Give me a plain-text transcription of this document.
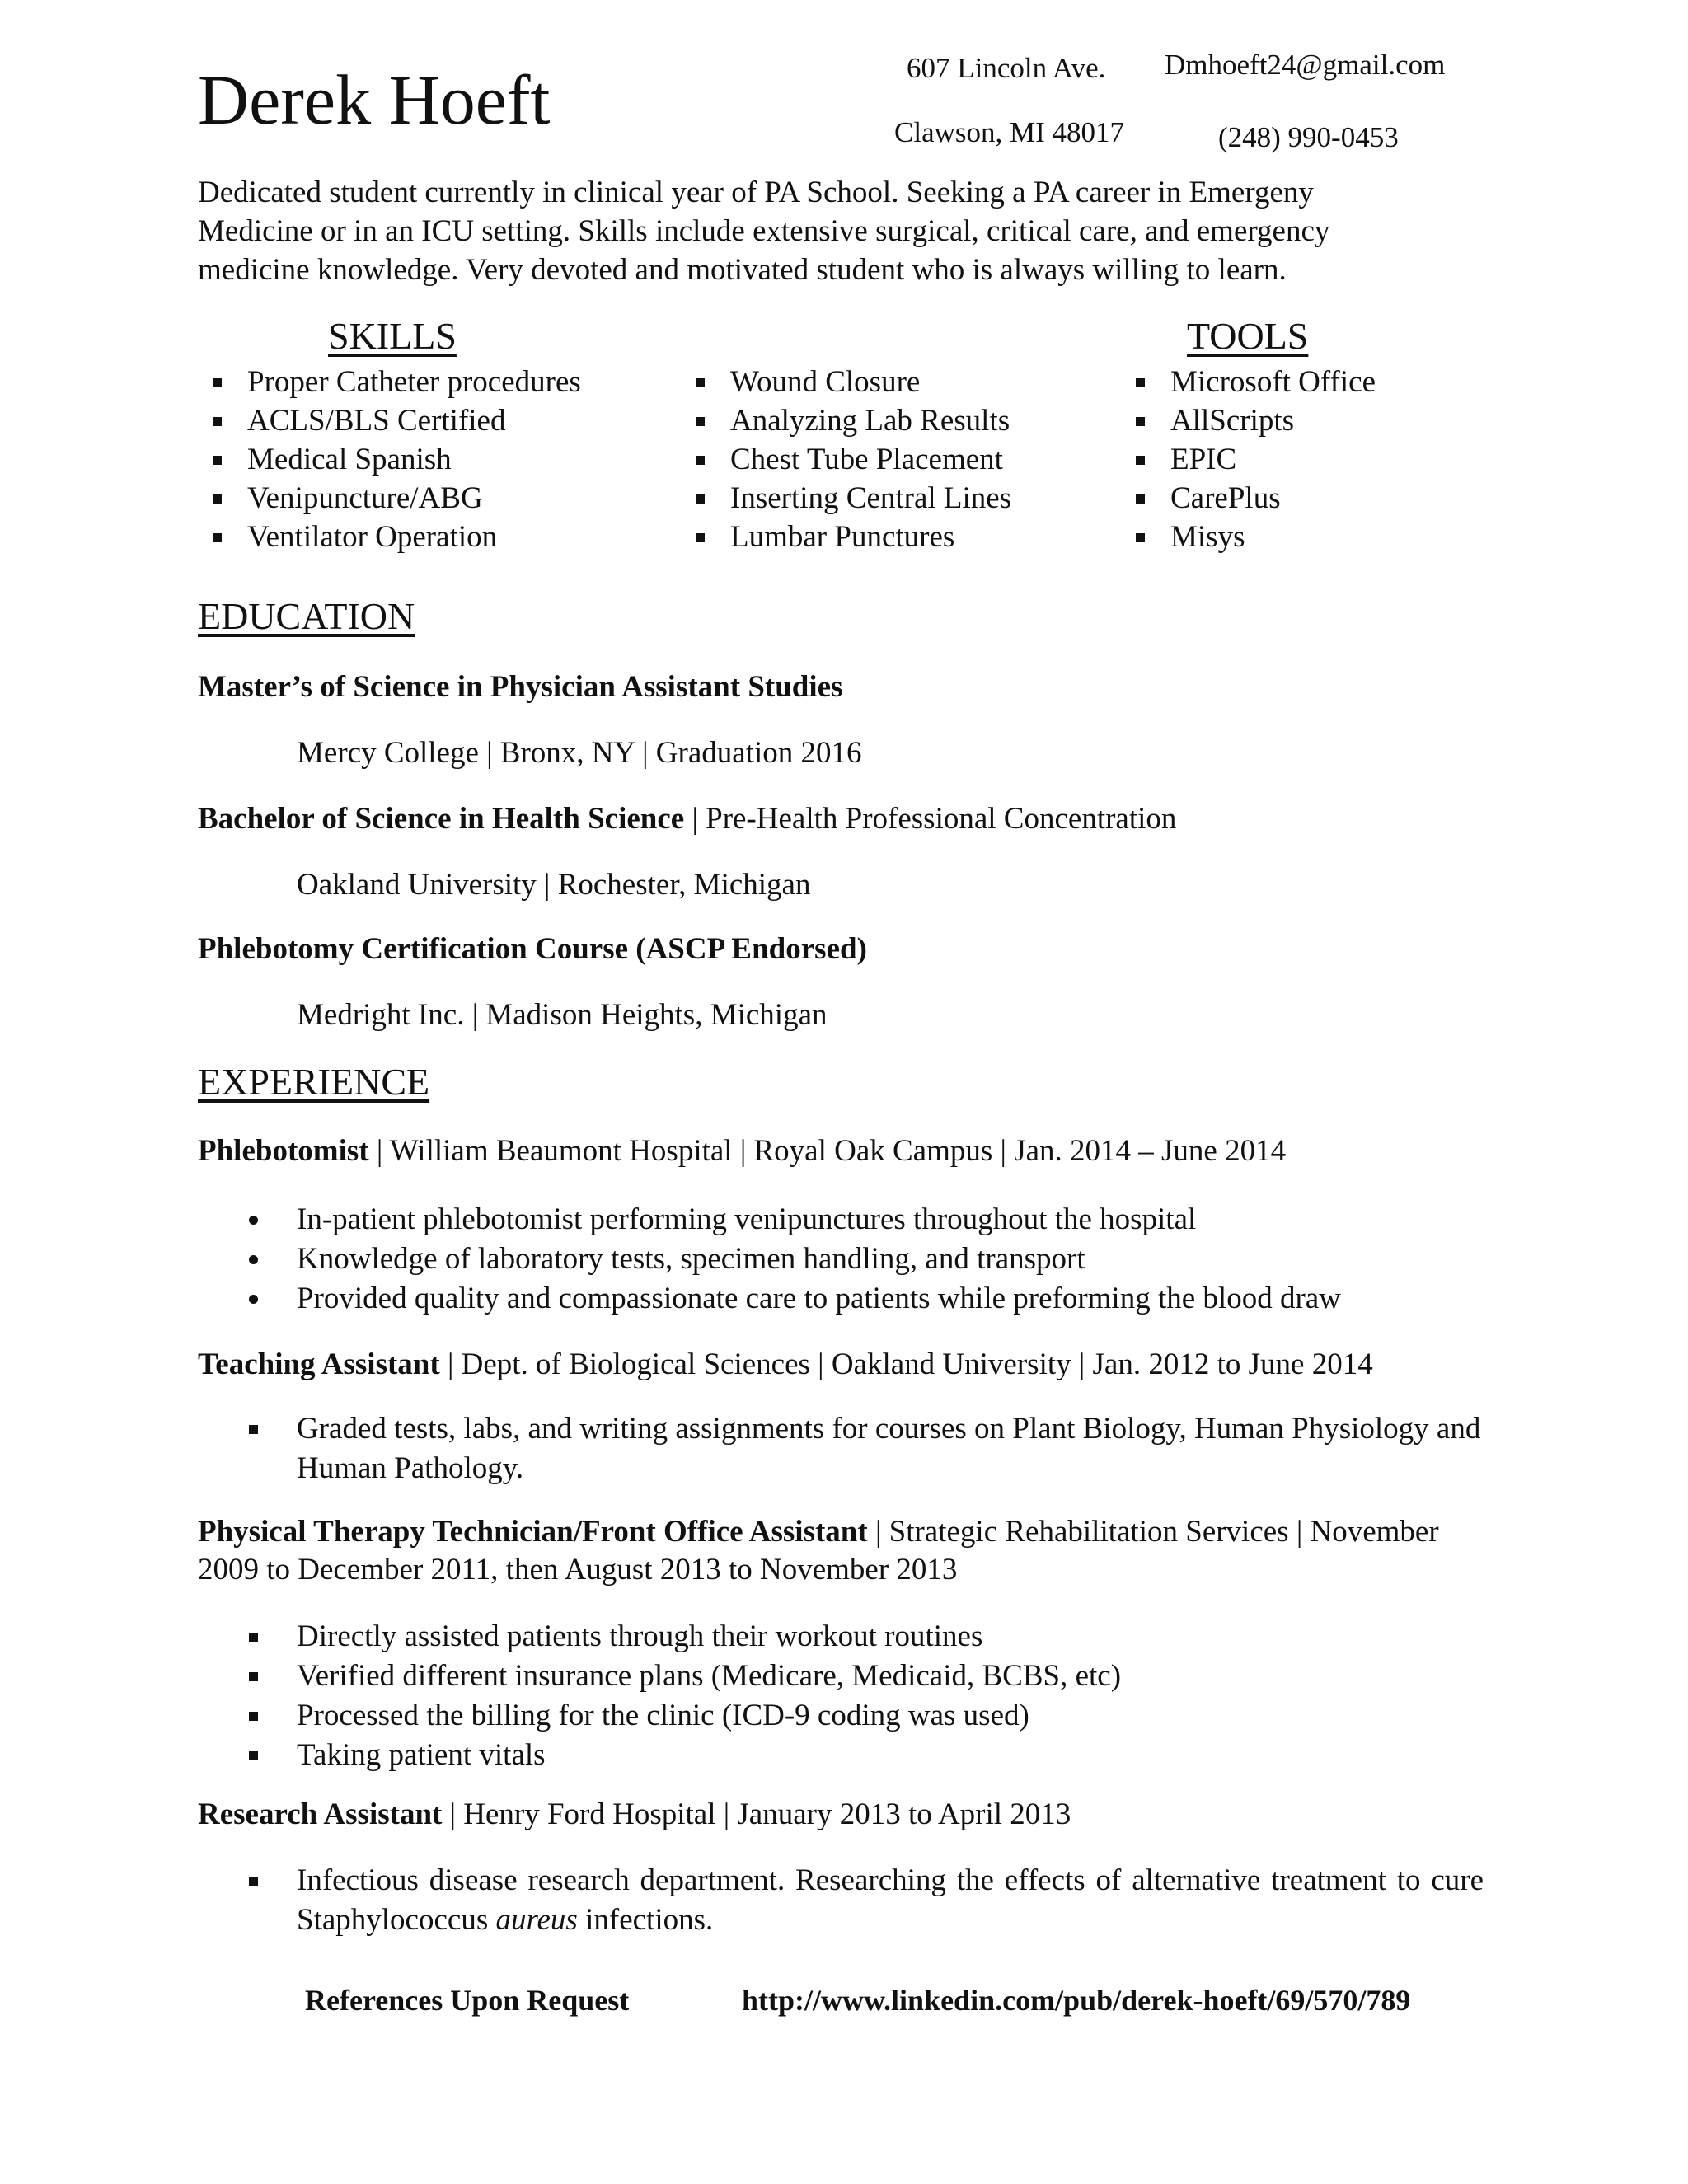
Derek Hoeft	607 Lincoln Ave.
Clawson, MI 48017
Dmhoeft24@gmail.com
(248) 990-0453
Dedicated student currently in clinical year of PA School. Seeking a PA career in Emergeny Medicine or in an ICU setting. Skills include extensive surgical, critical care, and emergency medicine knowledge. Very devoted and motivated student who is always willing to learn.
SKILLS	TOOLS
Proper Catheter procedures
ACLS/BLS Certified
Medical Spanish
Venipuncture/ABG
Ventilator Operation
Wound Closure
Analyzing Lab Results
Chest Tube Placement
Inserting Central Lines
Lumbar Punctures
Microsoft Office
AllScripts
EPIC
CarePlus
Misys
EDUCATION
Master’s of Science in Physician Assistant Studies
Mercy College | Bronx, NY | Graduation 2016
Bachelor of Science in Health Science | Pre-Health Professional Concentration
Oakland University | Rochester, Michigan
Phlebotomy Certification Course (ASCP Endorsed)
Medright Inc. | Madison Heights, Michigan
EXPERIENCE
Phlebotomist | William Beaumont Hospital | Royal Oak Campus | Jan. 2014 – June 2014
In-patient phlebotomist performing venipunctures throughout the hospital
Knowledge of laboratory tests, specimen handling, and transport
Provided quality and compassionate care to patients while preforming the blood draw
Teaching Assistant | Dept. of Biological Sciences | Oakland University | Jan. 2012 to June 2014
Graded tests, labs, and writing assignments for courses on Plant Biology, Human Physiology and Human Pathology.
Physical Therapy Technician/Front Office Assistant | Strategic Rehabilitation Services | November 2009 to December 2011, then August 2013 to November 2013
Directly assisted patients through their workout routines
Verified different insurance plans (Medicare, Medicaid, BCBS, etc)
Processed the billing for the clinic (ICD-9 coding was used)
Taking patient vitals
Research Assistant | Henry Ford Hospital | January 2013 to April 2013
Infectious disease research department. Researching the effects of alternative treatment to cure Staphylococcus aureus infections.
References Upon Request	http://www.linkedin.com/pub/derek-hoeft/69/570/789
